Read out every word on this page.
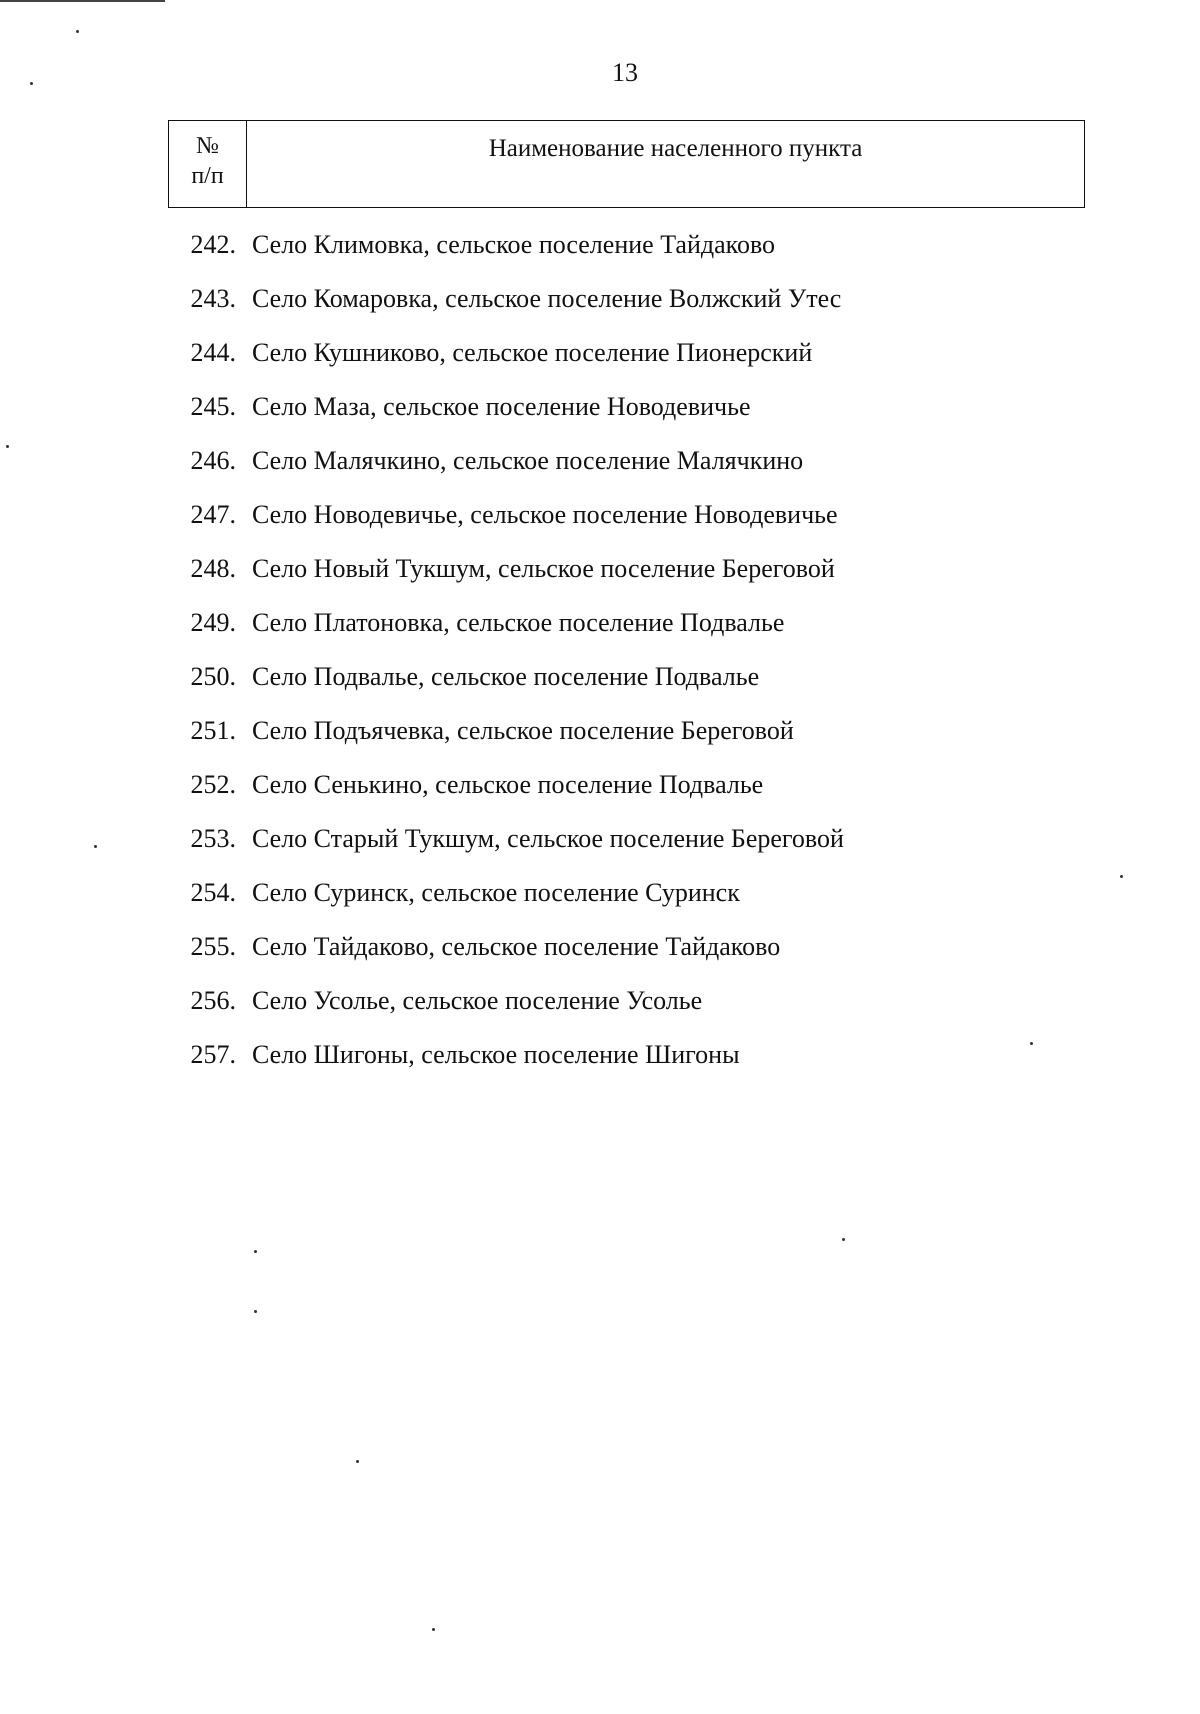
13
№
п/п
Наименование населенного пункта
242. Село Климовка, сельское поселение Тайдаково
243. Село Комаровка, сельское поселение Волжский Утес
244. Село Кушниково, сельское поселение Пионерский
245. Село Маза, сельское поселение Новодевичье
246. Село Малячкино, сельское поселение Малячкино
247. Село Новодевичье, сельское поселение Новодевичье
248. Село Новый Тукшум, сельское поселение Береговой
249. Село Платоновка, сельское поселение Подвалье
250. Село Подвалье, сельское поселение Подвалье
251. Село Подъячевка, сельское поселение Береговой
252. Село Сенькино, сельское поселение Подвалье
253. Село Старый Тукшум, сельское поселение Береговой
254. Село Суринск, сельское поселение Суринск
255. Село Тайдаково, сельское поселение Тайдаково
256. Село Усолье, сельское поселение Усолье
257. Село Шигоны, сельское поселение Шигоны
